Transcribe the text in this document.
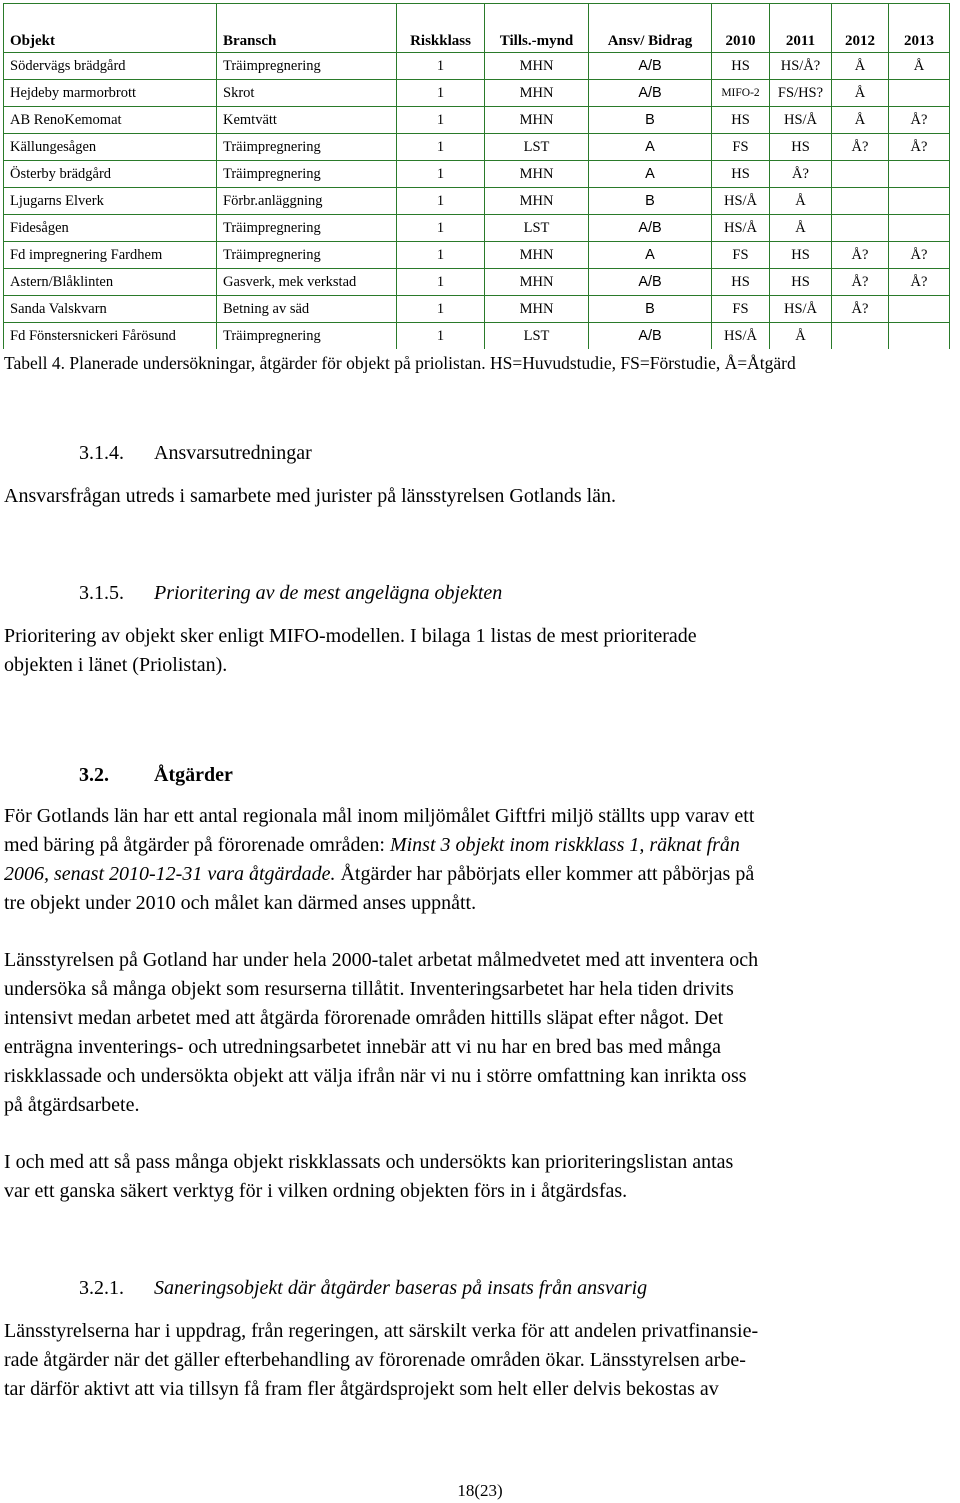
Objekt	Bransch	Riskklass	Tills.-mynd	Ansv/ Bidrag	2010	2011	2012	2013
Södervägs brädgård	Träimpregnering	1	MHN	A/B	HS	HS/Å?	Å	Å
Hejdeby marmorbrott	Skrot	1	MHN	A/B	MIFO-2	FS/HS?	Å	
AB RenoKemomat	Kemtvätt	1	MHN	B	HS	HS/Å	Å	Å?
Källungesågen	Träimpregnering	1	LST	A	FS	HS	Å?	Å?
Österby brädgård	Träimpregnering	1	MHN	A	HS	Å?		
Ljugarns Elverk	Förbr.anläggning	1	MHN	B	HS/Å	Å		
Fidesågen	Träimpregnering	1	LST	A/B	HS/Å	Å		
Fd impregnering Fardhem	Träimpregnering	1	MHN	A	FS	HS	Å?	Å?
Astern/Blåklinten	Gasverk, mek verkstad	1	MHN	A/B	HS	HS	Å?	Å?
Sanda Valskvarn	Betning av säd	1	MHN	B	FS	HS/Å	Å?	
Fd Fönstersnickeri Fårösund	Träimpregnering	1	LST	A/B	HS/Å	Å		
Tabell 4. Planerade undersökningar, åtgärder för objekt på priolistan. HS=Huvudstudie, FS=Förstudie, Å=Åtgärd
3.1.4. Ansvarsutredningar
Ansvarsfrågan utreds i samarbete med jurister på länsstyrelsen Gotlands län.
3.1.5. Prioritering av de mest angelägna objekten
Prioritering av objekt sker enligt MIFO-modellen. I bilaga 1 listas de mest prioriterade
objekten i länet (Priolistan).
3.2. Åtgärder
För Gotlands län har ett antal regionala mål inom miljömålet Giftfri miljö ställts upp varav ett
med bäring på åtgärder på förorenade områden: Minst 3 objekt inom riskklass 1, räknat från
2006, senast 2010-12-31 vara åtgärdade. Åtgärder har påbörjats eller kommer att påbörjas på
tre objekt under 2010 och målet kan därmed anses uppnått.
Länsstyrelsen på Gotland har under hela 2000-talet arbetat målmedvetet med att inventera och
undersöka så många objekt som resurserna tillåtit. Inventeringsarbetet har hela tiden drivits
intensivt medan arbetet med att åtgärda förorenade områden hittills släpat efter något. Det
enträgna inventerings- och utredningsarbetet innebär att vi nu har en bred bas med många
riskklassade och undersökta objekt att välja ifrån när vi nu i större omfattning kan inrikta oss
på åtgärdsarbete.
I och med att så pass många objekt riskklassats och undersökts kan prioriteringslistan antas
var ett ganska säkert verktyg för i vilken ordning objekten förs in i åtgärdsfas.
3.2.1. Saneringsobjekt där åtgärder baseras på insats från ansvarig
Länsstyrelserna har i uppdrag, från regeringen, att särskilt verka för att andelen privatfinansie-
rade åtgärder när det gäller efterbehandling av förorenade områden ökar. Länsstyrelsen arbe-
tar därför aktivt att via tillsyn få fram fler åtgärdsprojekt som helt eller delvis bekostas av
18(23)
